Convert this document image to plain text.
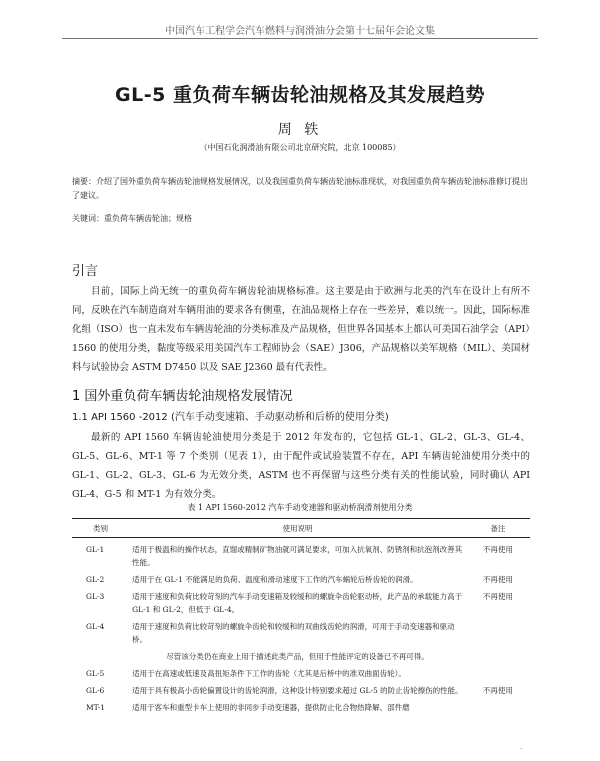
中国汽车工程学会汽车燃料与润滑油分会第十七届年会论文集
GL-5 重负荷车辆齿轮油规格及其发展趋势
周 轶
（中国石化润滑油有限公司北京研究院，北京 100085）
摘要：介绍了国外重负荷车辆齿轮油规格发展情况，以及我国重负荷车辆齿轮油标准现状，对我国重负荷车辆齿轮油标准修订提出了建议。
关键词：重负荷车辆齿轮油；规格
引言
目前，国际上尚无统一的重负荷车辆齿轮油规格标准。这主要是由于欧洲与北美的汽车在设计上有所不同，反映在汽车制造商对车辆用油的要求各有侧重，在油品规格上存在一些差异，难以统一。因此，国际标准化组（ISO）也一直未发布车辆齿轮油的分类标准及产品规格，但世界各国基本上都认可美国石油学会（API）1560 的使用分类，黏度等级采用美国汽车工程师协会（SAE）J306，产品规格以美军规格（MIL）、美国材料与试验协会 ASTM D7450 以及 SAE J2360 最有代表性。
1 国外重负荷车辆齿轮油规格发展情况
1.1 API 1560 -2012 (汽车手动变速箱、手动驱动桥和后桥的使用分类)
最新的 API 1560 车辆齿轮油使用分类是于 2012 年发布的，它包括 GL-1、GL-2、GL-3、GL-4、GL-5、GL-6、MT-1 等 7 个类别（见表 1），由于配件或试验装置不存在，API 车辆齿轮油使用分类中的 GL-1、GL-2、GL-3、GL-6 为无效分类，ASTM 也不再保留与这些分类有关的性能试验，同时确认 API GL-4、G-5 和 MT-1 为有效分类。
表 1 API 1560-2012 汽车手动变速器和驱动桥润滑剂使用分类
类别	使用说明	备注
GL-1	适用于极温和的操作状态，直馏或精制矿物油就可满足要求，可加入抗氧剂、防锈剂和抗泡剂改善其性能。	不再使用
GL-2	适用于在 GL-1 不能满足的负荷、温度和滑动速度下工作的汽车蜗轮后桥齿轮的润滑。	不再使用
GL-3	适用于速度和负荷比较苛刻的汽车手动变速箱及较缓和的螺旋伞齿轮驱动桥，此产品的承载能力高于 GL-1 和 GL-2，但低于 GL-4。	不再使用
GL-4	适用于速度和负荷比较苛刻的螺旋伞齿轮和较缓和的双曲线齿轮的润滑，可用于手动变速器和驱动桥。	
	尽管该分类仍在商业上用于描述此类产品，但用于性能评定的设备已不再可得。	
GL-5	适用于在高速或低速及高扭矩条件下工作的齿轮（尤其是后桥中的准双曲面齿轮）。	
GL-6	适用于具有极高小齿轮偏置设计的齿轮润滑，这种设计特别要求超过 GL-5 的防止齿轮擦伤的性能。	不再使用
MT-1	适用于客车和重型卡车上使用的非同步手动变速器，提供防止化合物热降解、部件磨	
·
